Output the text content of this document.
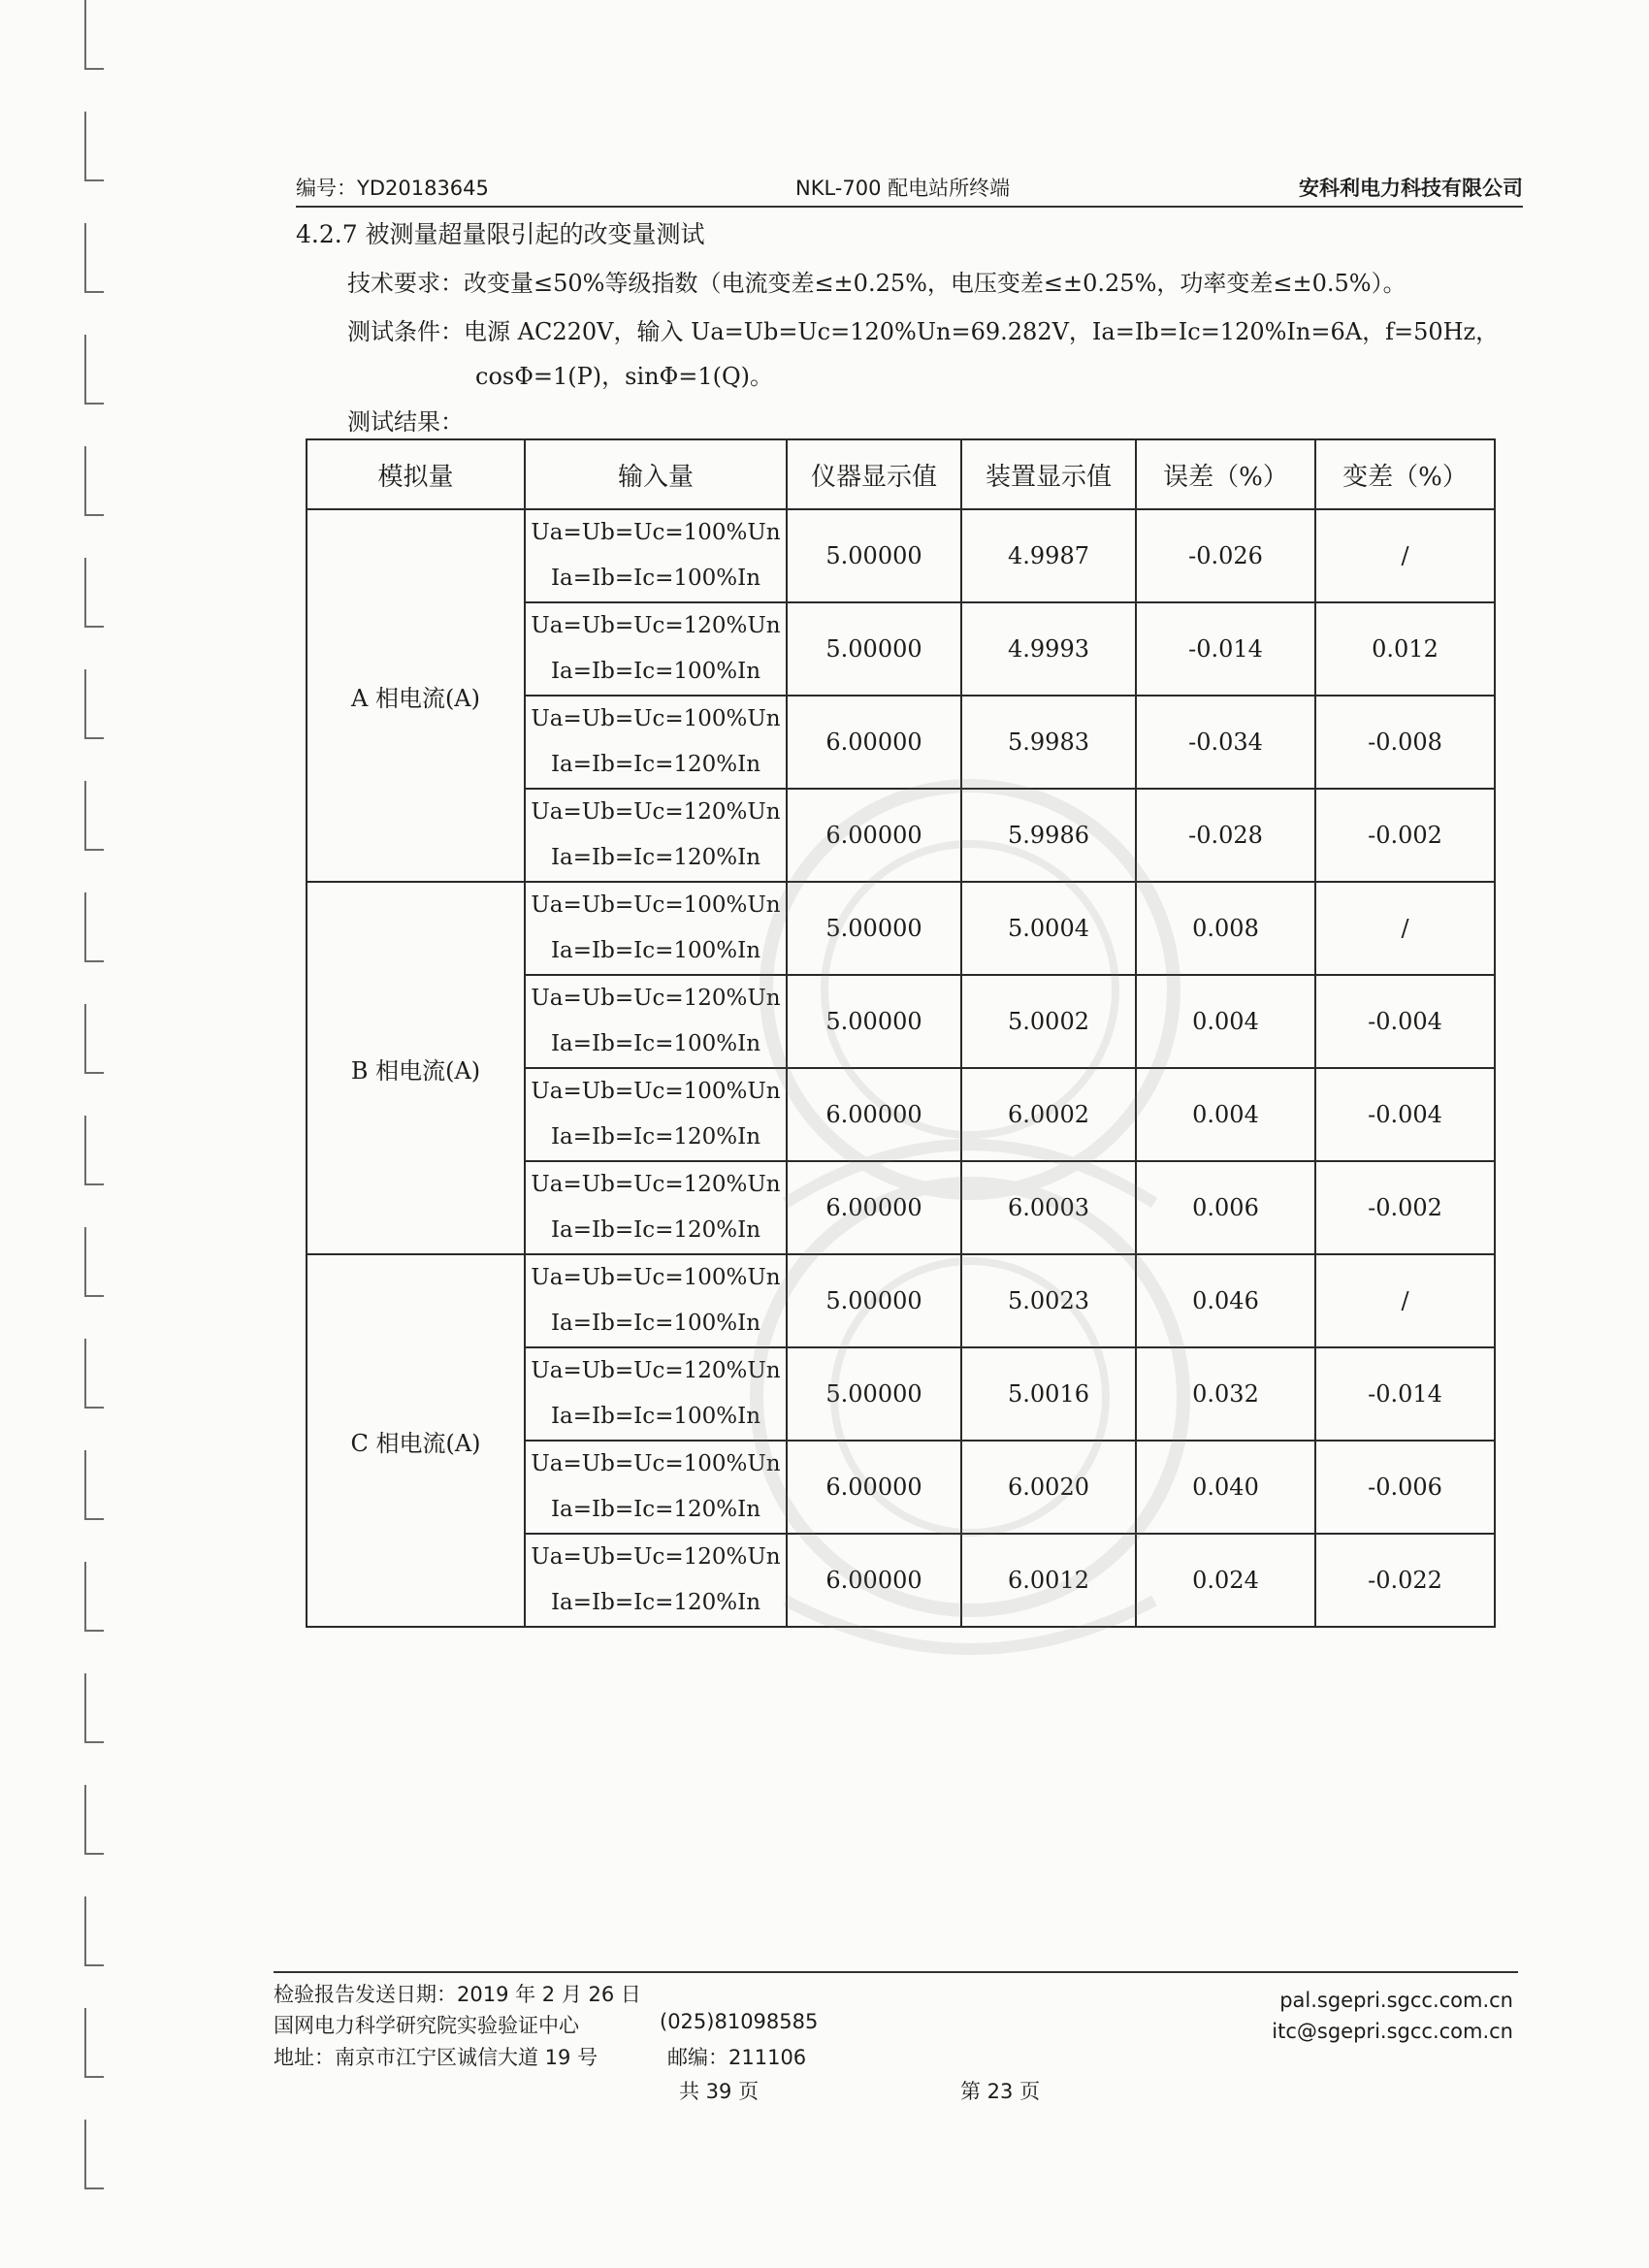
编号：YD20183645	NKL-700 配电站所终端	安科利电力科技有限公司
4.2.7 被测量超量限引起的改变量测试
技术要求：改变量≤50%等级指数（电流变差≤±0.25%，电压变差≤±0.25%，功率变差≤±0.5%）。
测试条件：电源 AC220V，输入 Ua=Ub=Uc=120%Un=69.282V，Ia=Ib=Ic=120%In=6A，f=50Hz，
cosΦ=1(P)，sinΦ=1(Q)。
测试结果：
模拟量	输入量	仪器显示值	装置显示值	误差（%）	变差（%）
A 相电流(A)	Ua=Ub=Uc=100%Un
Ia=Ib=Ic=100%In	5.00000	4.9987	-0.026	/

	Ua=Ub=Uc=120%Un
Ia=Ib=Ic=100%In	5.00000	4.9993	-0.014	0.012

	Ua=Ub=Uc=100%Un
Ia=Ib=Ic=120%In	6.00000	5.9983	-0.034	-0.008

	Ua=Ub=Uc=120%Un
Ia=Ib=Ic=120%In	6.00000	5.9986	-0.028	-0.002
B 相电流(A)	Ua=Ub=Uc=100%Un
Ia=Ib=Ic=100%In	5.00000	5.0004	0.008	/

	Ua=Ub=Uc=120%Un
Ia=Ib=Ic=100%In	5.00000	5.0002	0.004	-0.004

	Ua=Ub=Uc=100%Un
Ia=Ib=Ic=120%In	6.00000	6.0002	0.004	-0.004

	Ua=Ub=Uc=120%Un
Ia=Ib=Ic=120%In	6.00000	6.0003	0.006	-0.002
C 相电流(A)	Ua=Ub=Uc=100%Un
Ia=Ib=Ic=100%In	5.00000	5.0023	0.046	/

	Ua=Ub=Uc=120%Un
Ia=Ib=Ic=100%In	5.00000	5.0016	0.032	-0.014

	Ua=Ub=Uc=100%Un
Ia=Ib=Ic=120%In	6.00000	6.0020	0.040	-0.006

	Ua=Ub=Uc=120%Un
Ia=Ib=Ic=120%In	6.00000	6.0012	0.024	-0.022
检验报告发送日期：2019 年 2 月 26 日
国网电力科学研究院实验验证中心	(025)81098585
地址：南京市江宁区诚信大道 19 号	邮编：211106
共 39 页	第 23 页
pal.sgepri.sgcc.com.cn
itc@sgepri.sgcc.com.cn
